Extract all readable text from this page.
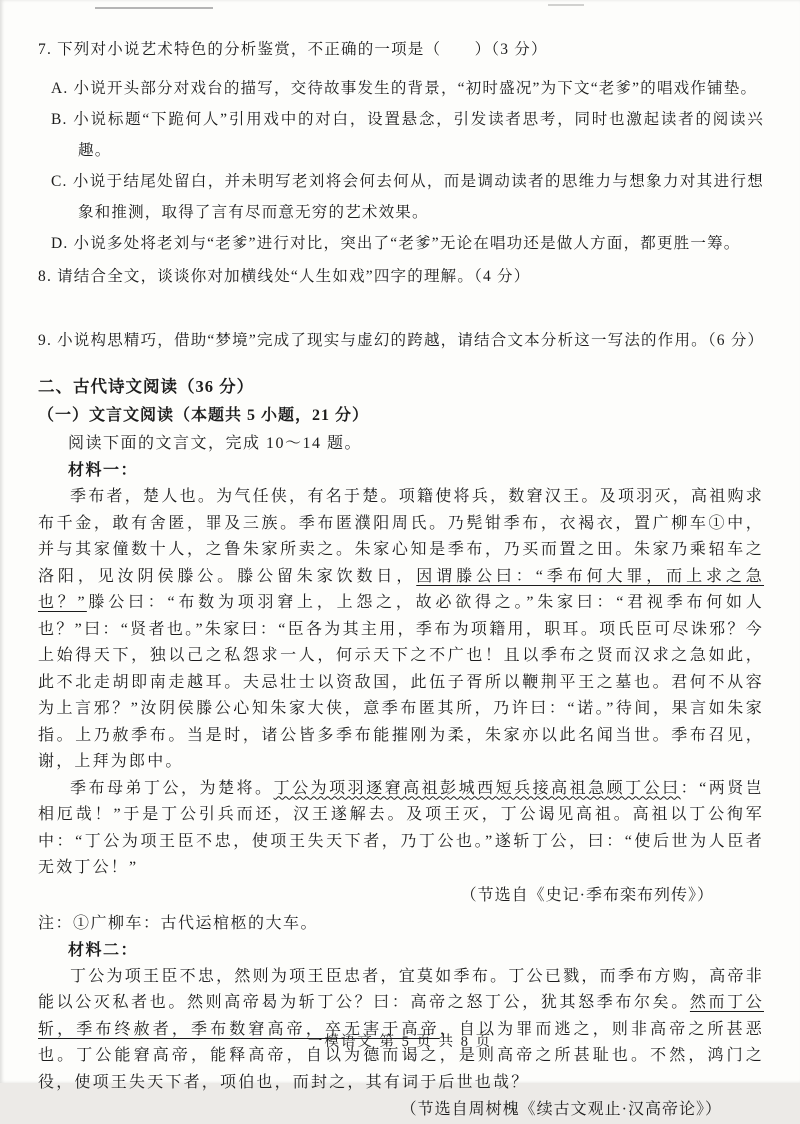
7. 下列对小说艺术特色的分析鉴赏，不正确的一项是（　　）（3 分）
A. 小说开头部分对戏台的描写，交待故事发生的背景，“初时盛况”为下文“老爹”的唱戏作铺垫。
B. 小说标题“下跪何人”引用戏中的对白，设置悬念，引发读者思考，同时也激起读者的阅读兴趣。
C. 小说于结尾处留白，并未明写老刘将会何去何从，而是调动读者的思维力与想象力对其进行想象和推测，取得了言有尽而意无穷的艺术效果。
D. 小说多处将老刘与“老爹”进行对比，突出了“老爹”无论在唱功还是做人方面，都更胜一筹。
8. 请结合全文，谈谈你对加横线处“人生如戏”四字的理解。（4 分）
9. 小说构思精巧，借助“梦境”完成了现实与虚幻的跨越，请结合文本分析这一写法的作用。（6 分）
二、古代诗文阅读（36 分）
（一）文言文阅读（本题共 5 小题，21 分）
阅读下面的文言文，完成 10～14 题。
材料一：

季布者，楚人也。为气任侠，有名于楚。项籍使将兵，数窘汉王。及项羽灭，高祖购求布千金，敢有舍匿，罪及三族。季布匿濮阳周氏。乃髡钳季布，衣褐衣，置广柳车①中，并与其家僮数十人，之鲁朱家所卖之。朱家心知是季布，乃买而置之田。朱家乃乘轺车之洛阳，见汝阴侯滕公。滕公留朱家饮数日，因谓滕公曰：“季布何大罪，而上求之急也？”滕公曰：“布数为项羽窘上，上怨之，故必欲得之。”朱家曰：“君视季布何如人也？”曰：“贤者也。”朱家曰：“臣各为其主用，季布为项籍用，职耳。项氏臣可尽诛邪？今上始得天下，独以己之私怨求一人，何示天下之不广也！且以季布之贤而汉求之急如此，此不北走胡即南走越耳。夫忌壮士以资敌国，此伍子胥所以鞭荆平王之墓也。君何不从容为上言邪？”汝阴侯滕公心知朱家大侠，意季布匿其所，乃许曰：“诺。”待间，果言如朱家指。上乃赦季布。当是时，诸公皆多季布能摧刚为柔，朱家亦以此名闻当世。季布召见，谢，上拜为郎中。

季布母弟丁公，为楚将。丁公为项羽逐窘高祖彭城西短兵接高祖急顾丁公曰：“两贤岂相厄哉！”于是丁公引兵而还，汉王遂解去。及项王灭，丁公谒见高祖。高祖以丁公徇军中：“丁公为项王臣不忠，使项王失天下者，乃丁公也。”遂斩丁公，曰：“使后世为人臣者无效丁公！”

（节选自《史记·季布栾布列传》）
注：①广柳车：古代运棺柩的大车。
材料二：

丁公为项王臣不忠，然则为项王臣忠者，宜莫如季布。丁公已戮，而季布方购，高帝非能以公灭私者也。然则高帝曷为斩丁公？曰：高帝之怒丁公，犹其怒季布尔矣。然而丁公斩，季布终赦者，季布数窘高帝，卒无害于高帝，自以为罪而逃之，则非高帝之所甚恶也。丁公能窘高帝，能释高帝，自以为德而谒之，是则高帝之所甚耻也。不然，鸿门之役，使项王失天下者，项伯也，而封之，其有词于后世也哉？

（节选自周树槐《续古文观止·汉高帝论》）
一模语文 第 5 页 共 8 页
